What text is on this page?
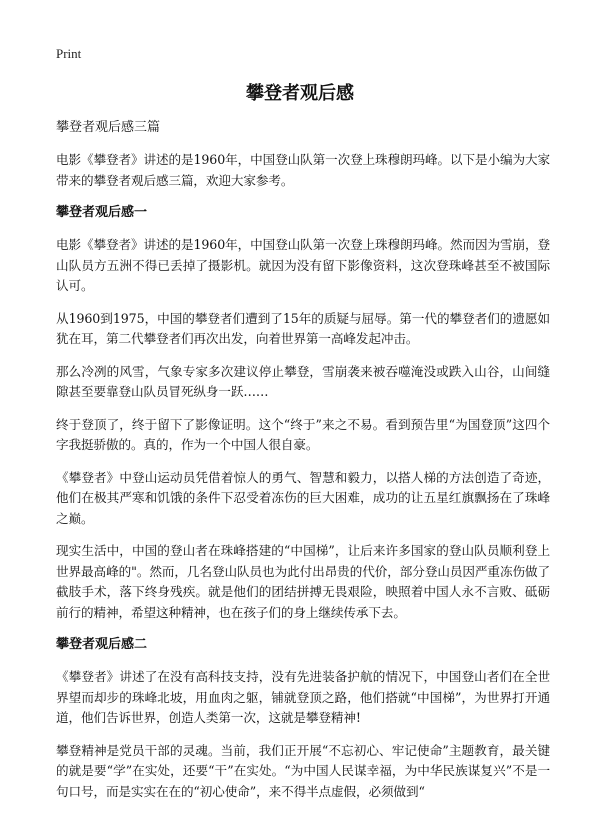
Print
攀登者观后感

攀登者观后感三篇

电影《攀登者》讲述的是1960年，中国登山队第一次登上珠穆朗玛峰。以下是小编为大家带来的攀登者观后感三篇，欢迎大家参考。

攀登者观后感一

电影《攀登者》讲述的是1960年，中国登山队第一次登上珠穆朗玛峰。然而因为雪崩，登山队员方五洲不得已丢掉了摄影机。就因为没有留下影像资料，这次登珠峰甚至不被国际认可。

从1960到1975，中国的攀登者们遭到了15年的质疑与屈辱。第一代的攀登者们的遗愿如犹在耳，第二代攀登者们再次出发，向着世界第一高峰发起冲击。

那么冷冽的风雪，气象专家多次建议停止攀登，雪崩袭来被吞噬淹没或跌入山谷，山间缝隙甚至要靠登山队员冒死纵身一跃……

终于登顶了，终于留下了影像证明。这个“终于”来之不易。看到预告里“为国登顶”这四个字我挺骄傲的。真的，作为一个中国人很自豪。

《攀登者》中登山运动员凭借着惊人的勇气、智慧和毅力，以搭人梯的方法创造了奇迹，他们在极其严寒和饥饿的条件下忍受着冻伤的巨大困难，成功的让五星红旗飘扬在了珠峰之巅。

现实生活中，中国的登山者在珠峰搭建的“中国梯”，让后来许多国家的登山队员顺利登上世界最高峰的"。然而，几名登山队员也为此付出昂贵的代价，部分登山员因严重冻伤做了截肢手术，落下终身残疾。就是他们的团结拼搏无畏艰险，映照着中国人永不言败、砥砺前行的精神，希望这种精神，也在孩子们的身上继续传承下去。

攀登者观后感二

《攀登者》讲述了在没有高科技支持，没有先进装备护航的情况下，中国登山者们在全世界望而却步的珠峰北坡，用血肉之躯，铺就登顶之路，他们搭就“中国梯”，为世界打开通道，他们告诉世界，创造人类第一次，这就是攀登精神!

攀登精神是党员干部的灵魂。当前，我们正开展“不忘初心、牢记使命”主题教育，最关键的就是要“学”在实处，还要“干”在实处。“为中国人民谋幸福，为中华民族谋复兴”不是一句口号，而是实实在在的“初心使命”，来不得半点虚假，必须做到“
